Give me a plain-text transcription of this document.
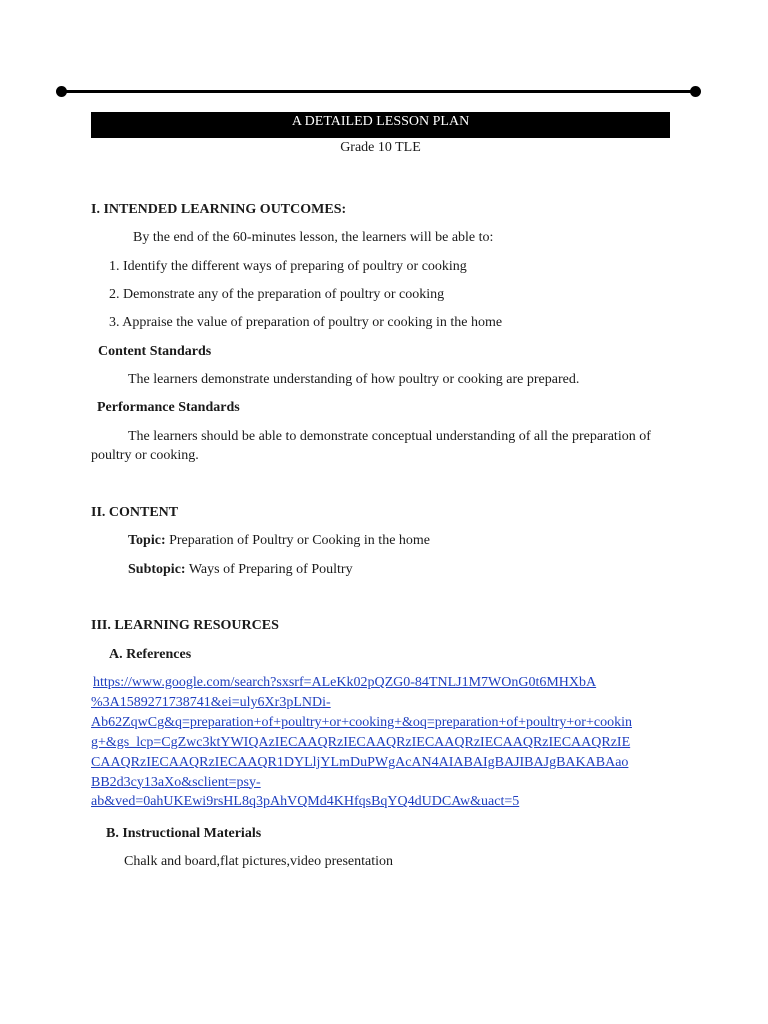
A DETAILED LESSON PLAN
Grade 10 TLE
I. INTENDED LEARNING OUTCOMES:
By the end of the 60-minutes lesson, the learners will be able to:
1. Identify the different ways of preparing of poultry or cooking
2. Demonstrate any of the preparation of poultry or cooking
3. Appraise the value of preparation of poultry or cooking in the home
Content Standards
The learners demonstrate understanding of how poultry or cooking are prepared.
Performance Standards
The learners should be able to demonstrate conceptual understanding of all the preparation of poultry or cooking.
II. CONTENT
Topic: Preparation of Poultry or Cooking in the home
Subtopic: Ways of Preparing of Poultry
III. LEARNING RESOURCES
A. References
https://www.google.com/search?sxsrf=ALeKk02pQZG0-84TNLJ1M7WOnG0t6MHXbA
%3A1589271738741&ei=uly6Xr3pLNDi-
Ab62ZqwCg&q=preparation+of+poultry+or+cooking+&oq=preparation+of+poultry+or+cookin
g+&gs_lcp=CgZwc3ktYWIQAzIECAAQRzIECAAQRzIECAAQRzIECAAQRzIECAAQRzIE
CAAQRzIECAAQRzIECAAQR1DYLljYLmDuPWgAcAN4AIABAIgBAJIBAJgBAKABAao
BB2d3cy13aXo&sclient=psy-
ab&ved=0ahUKEwi9rsHL8q3pAhVQMd4KHfqsBqYQ4dUDCAw&uact=5
B. Instructional Materials
Chalk and board,flat pictures,video presentation
